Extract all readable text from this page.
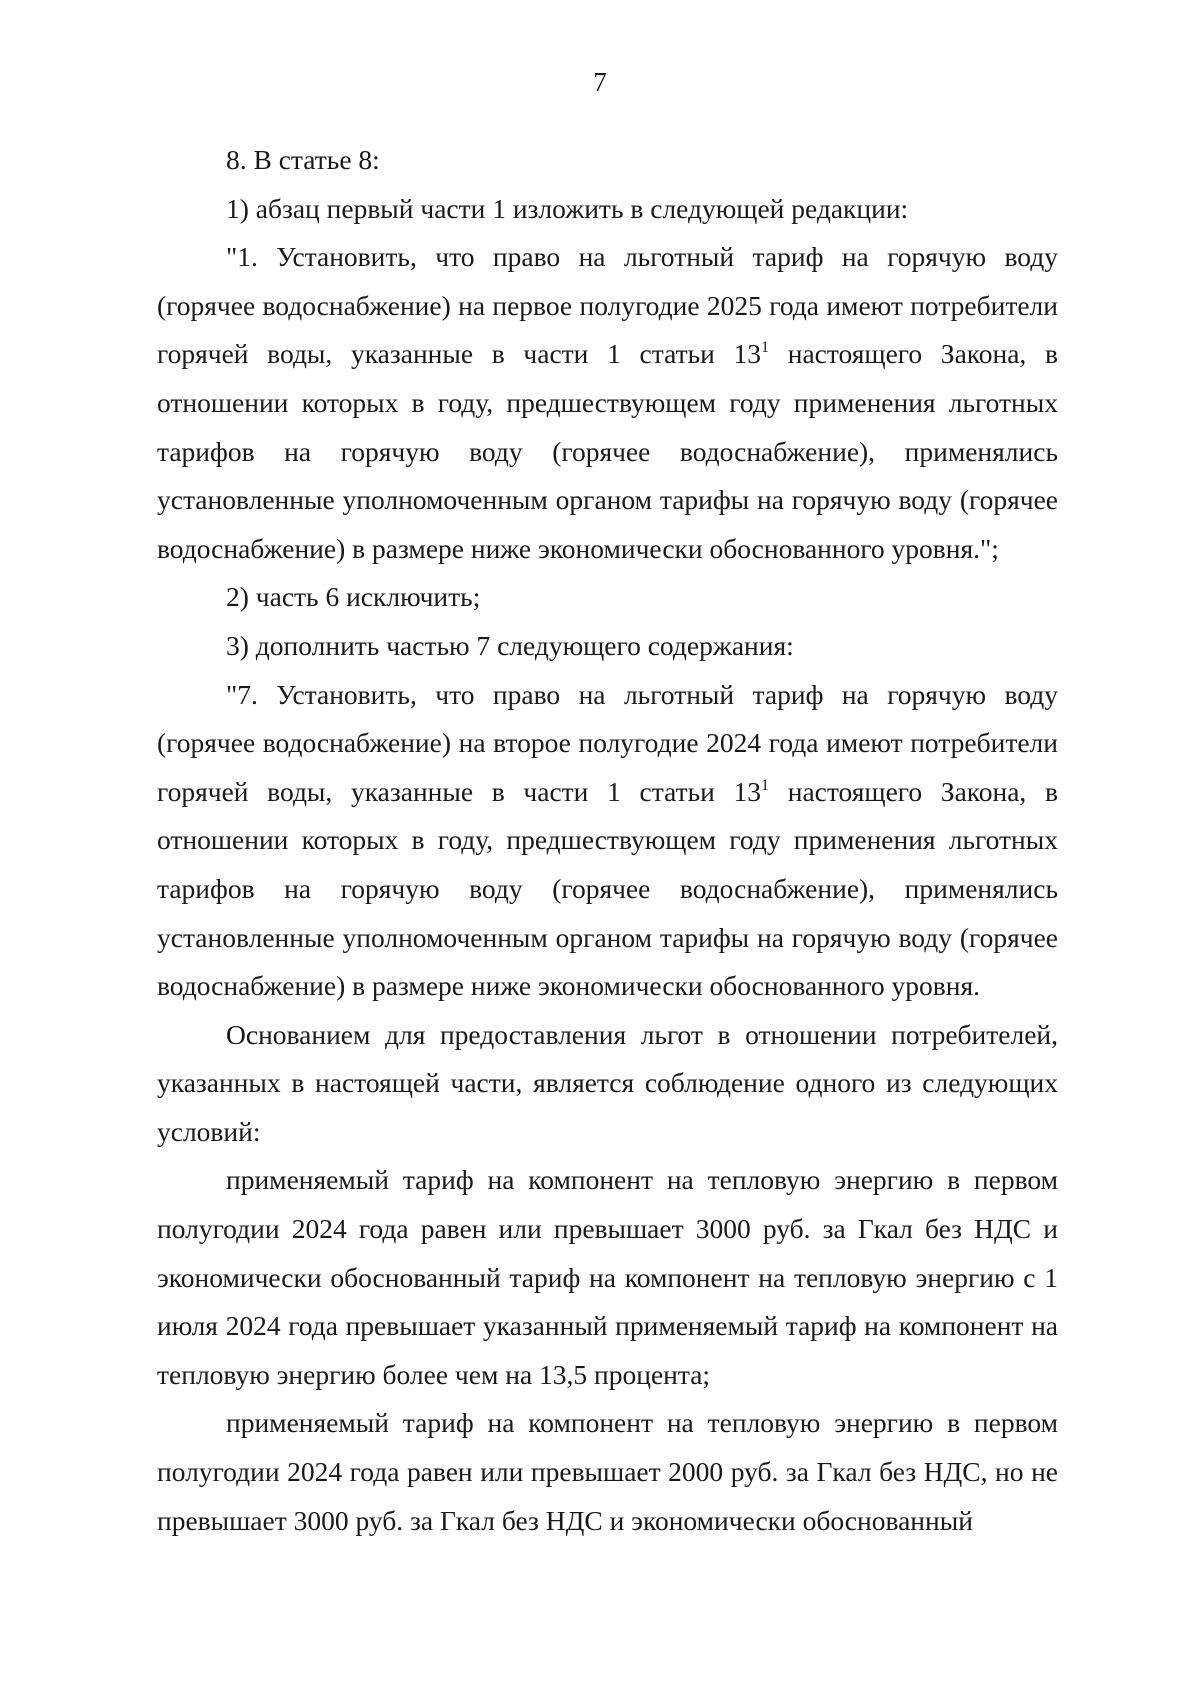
7

8. В статье 8:

1) абзац первый части 1 изложить в следующей редакции:

"1. Установить, что право на льготный тариф на горячую воду (горячее водоснабжение) на первое полугодие 2025 года имеют потребители горячей воды, указанные в части 1 статьи $13^1$ настоящего Закона, в отношении которых в году, предшествующем году применения льготных тарифов на горячую воду (горячее водоснабжение), применялись установленные уполномоченным органом тарифы на горячую воду (горячее водоснабжение) в размере ниже экономически обоснованного уровня.";

2) часть 6 исключить;

3) дополнить частью 7 следующего содержания:

"7. Установить, что право на льготный тариф на горячую воду (горячее водоснабжение) на второе полугодие 2024 года имеют потребители горячей воды, указанные в части 1 статьи $13^1$ настоящего Закона, в отношении которых в году, предшествующем году применения льготных тарифов на горячую воду (горячее водоснабжение), применялись установленные уполномоченным органом тарифы на горячую воду (горячее водоснабжение) в размере ниже экономически обоснованного уровня.

Основанием для предоставления льгот в отношении потребителей, указанных в настоящей части, является соблюдение одного из следующих условий:

применяемый тариф на компонент на тепловую энергию в первом полугодии 2024 года равен или превышает 3000 руб. за Гкал без НДС и экономически обоснованный тариф на компонент на тепловую энергию с 1 июля 2024 года превышает указанный применяемый тариф на компонент на тепловую энергию более чем на 13,5 процента;

применяемый тариф на компонент на тепловую энергию в первом полугодии 2024 года равен или превышает 2000 руб. за Гкал без НДС, но не превышает 3000 руб. за Гкал без НДС и экономически обоснованный
